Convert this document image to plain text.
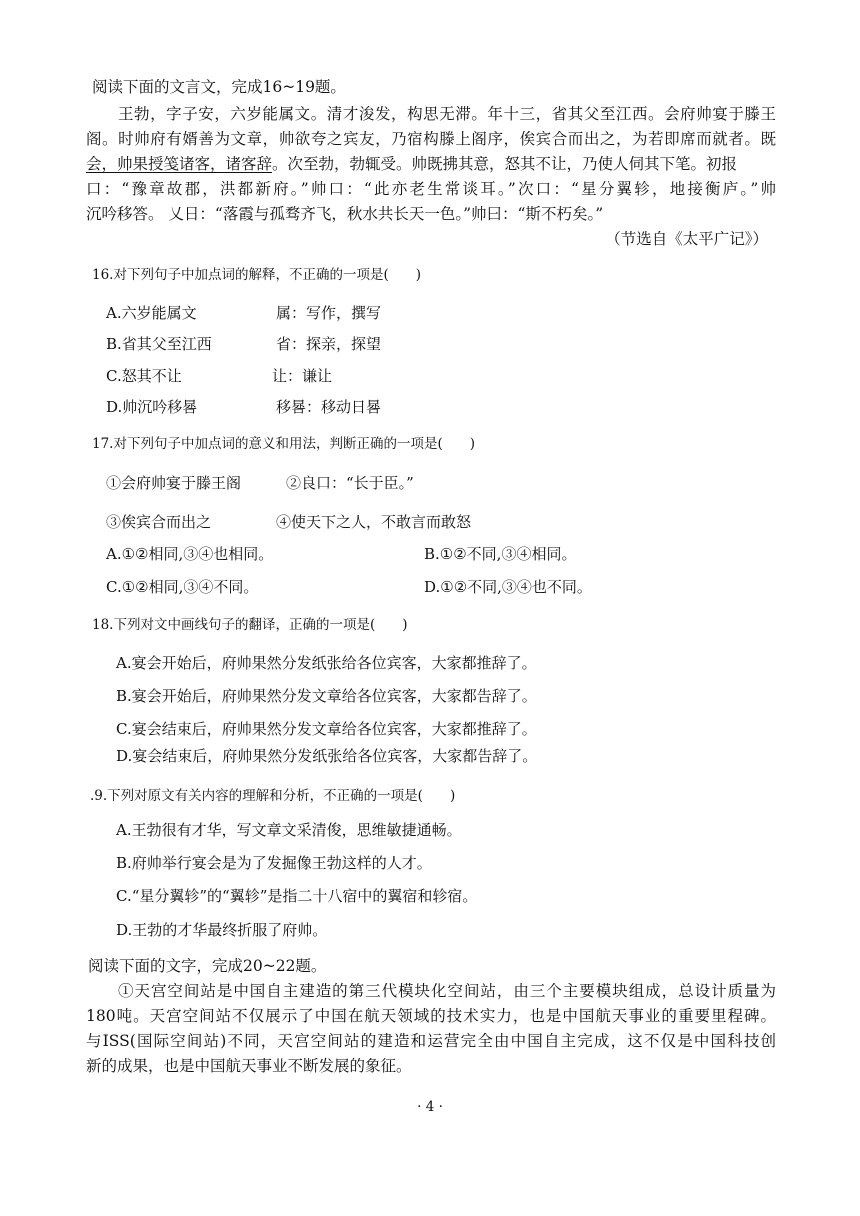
阅读下面的文言文，完成16~19题。
王勃，字子安，六岁能属文。清才浚发，构思无滞。年十三，省其父至江西。会府帅宴于滕王
阁。时帅府有婿善为文章，帅欲夸之宾友，乃宿构滕上阁序，俟宾合而出之，为若即席而就者。既
会，帅果授笺诸客，诸客辞。次至勃，勃辄受。帅既拂其意，怒其不让，乃使人伺其下笔。初报
口：“豫章故郡，洪都新府。”帅口：“此亦老生常谈耳。”次口：“星分翼轸，地接衡庐。”帅
沉吟移答。 乂日：“落霞与孤骛齐飞，秋水共长天一色。”帅曰：“斯不朽矣。”
（节选自《太平广记》）
16.对下列句子中加点词的解释，不正确的一项是(　　)
A.六岁能属文	属：写作，撰写
B.省其父至江西	省：探亲，探望
C.怒其不让	让：谦让
D.帅沉吟移晷	移晷：移动日晷
17.对下列句子中加点词的意义和用法，判断正确的一项是(　　)
①会府帅宴于滕王阁	②良口：“长于臣。”
③俟宾合而出之	④使天下之人，不敢言而敢怒
A.①②相同,③④也相同。	B.①②不同,③④相同。
C.①②相同,③④不同。	D.①②不同,③④也不同。
18.下列对文中画线句子的翻译，正确的一项是(　　)
A.宴会开始后，府帅果然分发纸张给各位宾客，大家都推辞了。
B.宴会开始后，府帅果然分发文章给各位宾客，大家都告辞了。
C.宴会结束后，府帅果然分发文章给各位宾客，大家都推辞了。
D.宴会结束后，府帅果然分发纸张给各位宾客，大家都告辞了。
.9.下列对原文有关内容的理解和分析，不正确的一项是(　　)
A.王勃很有才华，写文章文采清俊，思维敏捷通畅。
B.府帅举行宴会是为了发掘像王勃这样的人才。
C.“星分翼轸”的“翼轸”是指二十八宿中的翼宿和轸宿。
D.王勃的才华最终折服了府帅。
阅读下面的文字，完成20~22题。
①天宫空间站是中国自主建造的第三代模块化空间站，由三个主要模块组成，总设计质量为
180吨。天宫空间站不仅展示了中国在航天领域的技术实力，也是中国航天事业的重要里程碑。
与ISS(国际空间站)不同，天宫空间站的建造和运营完全由中国自主完成，这不仅是中国科技创
新的成果，也是中国航天事业不断发展的象征。
· 4 ·
